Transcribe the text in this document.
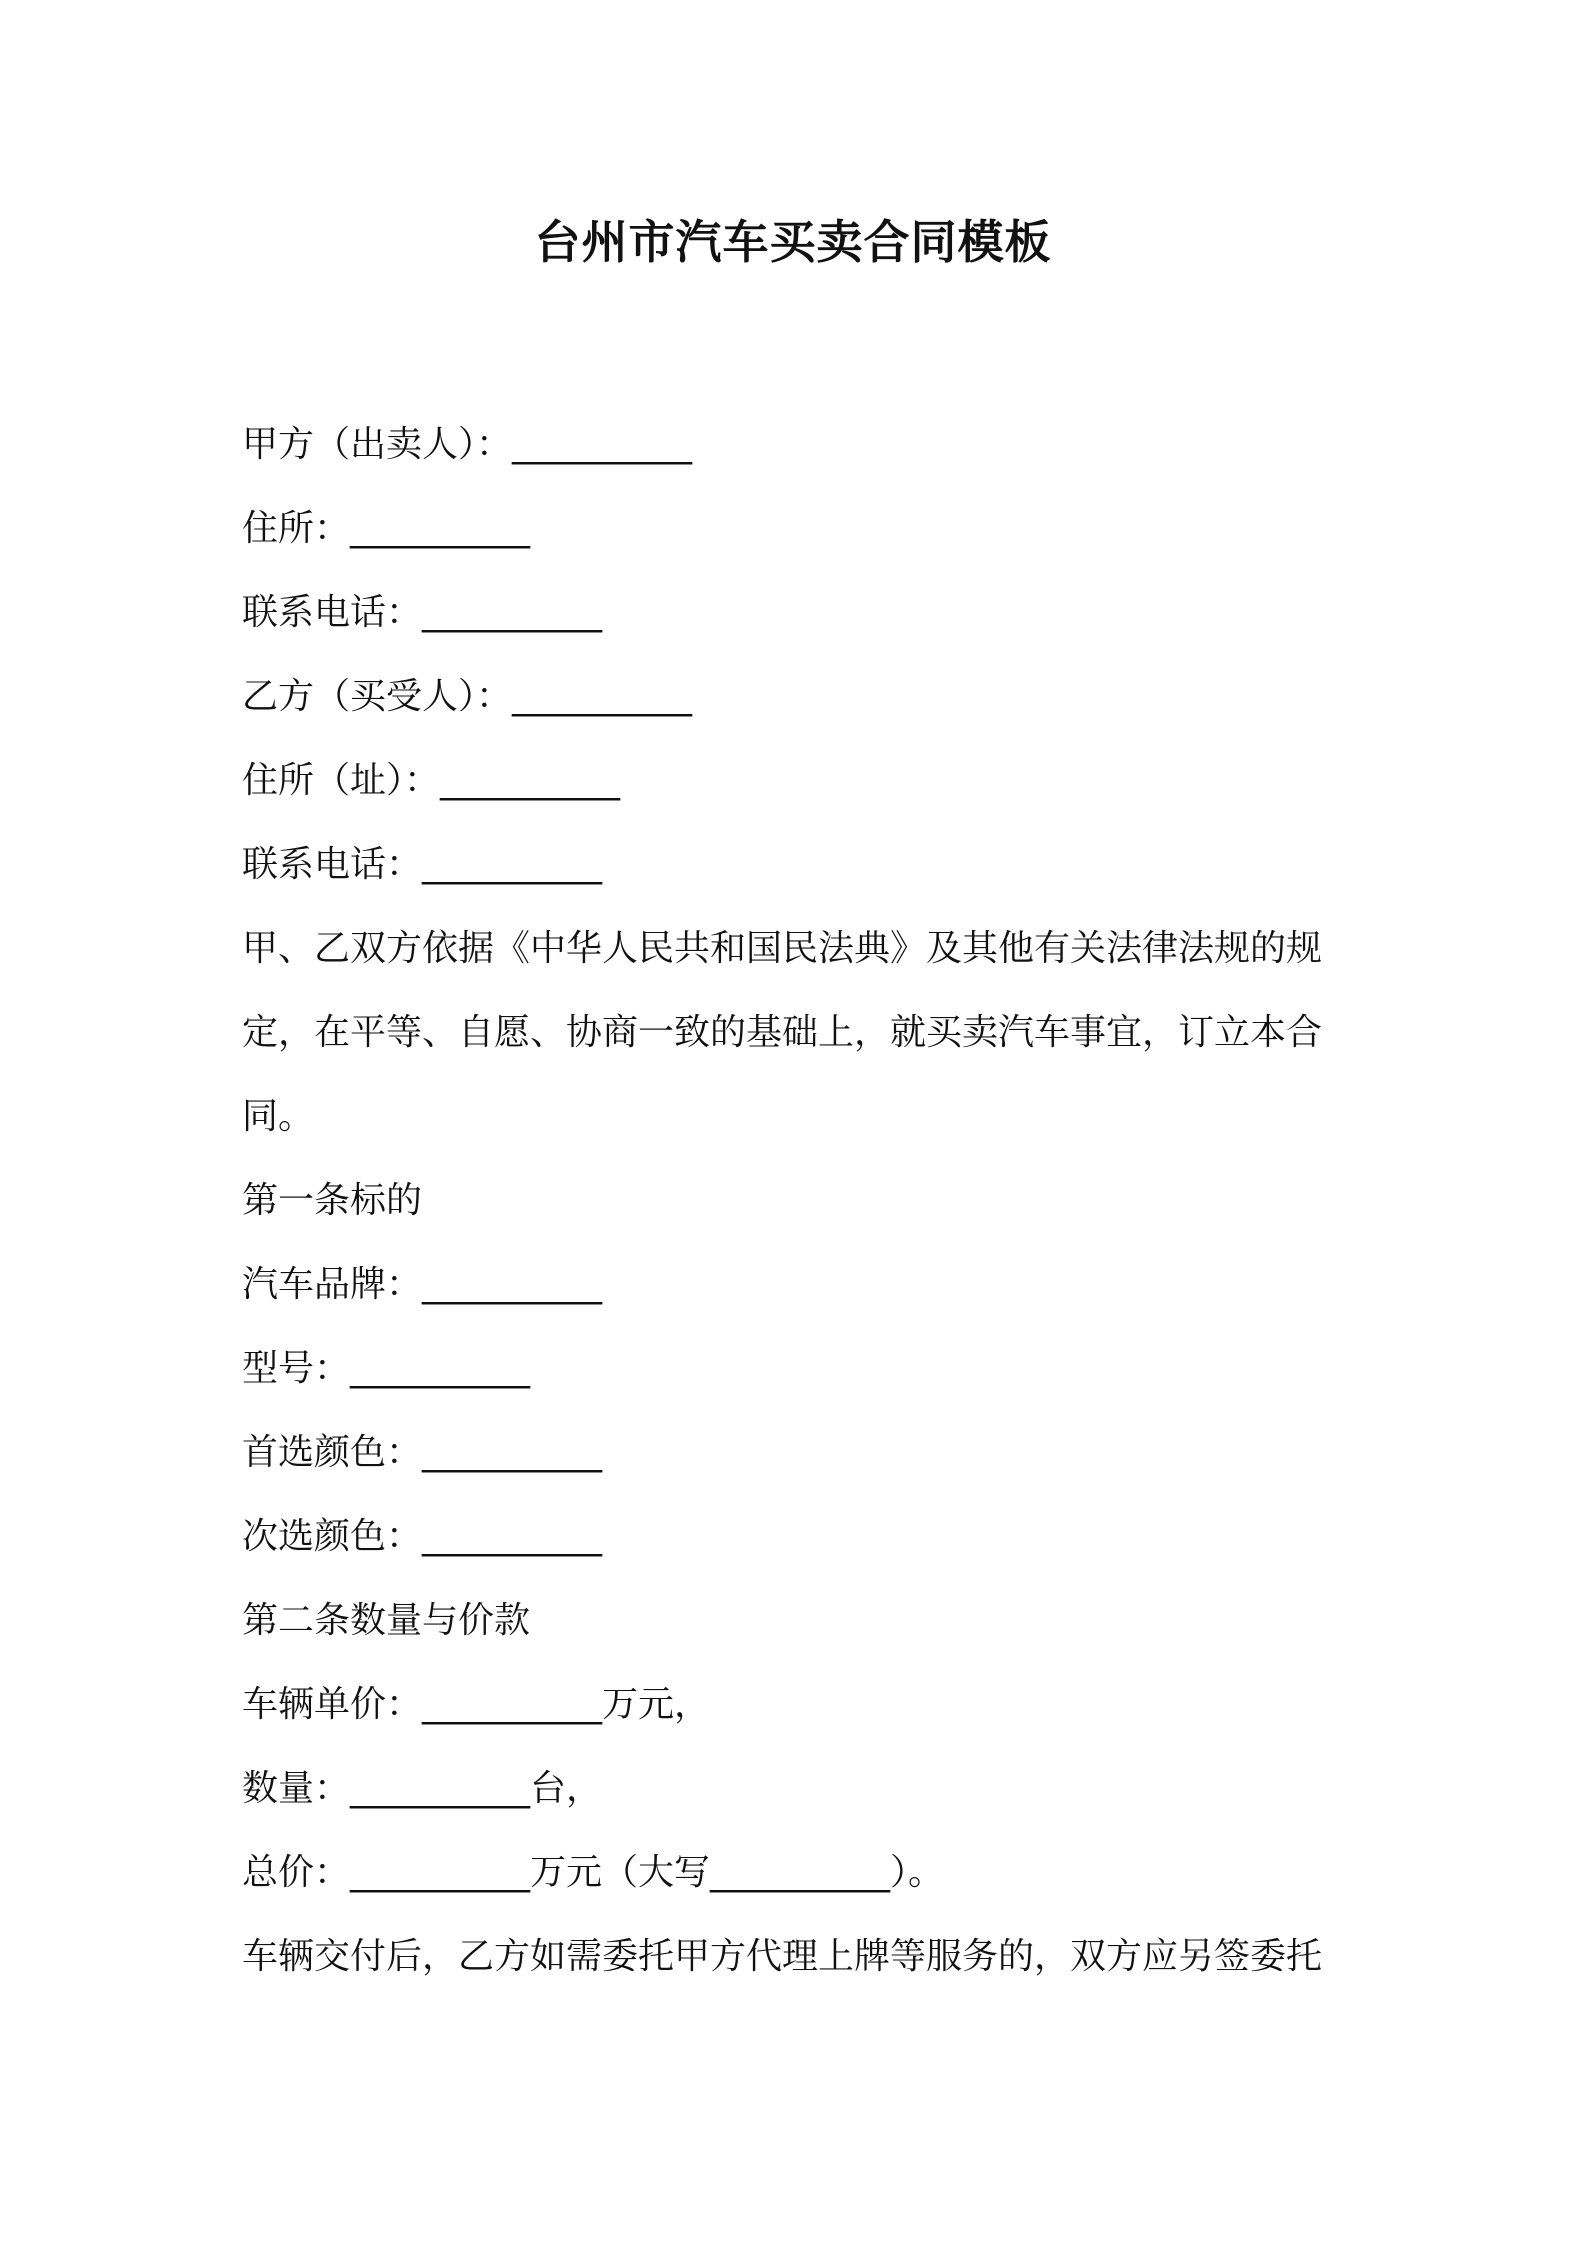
台州市汽车买卖合同模板
甲方（出卖人）：__________
住所：__________
联系电话：__________
乙方（买受人）：__________
住所（址）：__________
联系电话：__________
甲、乙双方依据《中华人民共和国民法典》及其他有关法律法规的规定，在平等、自愿、协商一致的基础上，就买卖汽车事宜，订立本合同。
第一条标的
汽车品牌：__________
型号：__________
首选颜色：__________
次选颜色：__________
第二条数量与价款
车辆单价：__________万元，
数量：__________台，
总价：__________万元（大写__________）。
车辆交付后，乙方如需委托甲方代理上牌等服务的，双方应另签委托
